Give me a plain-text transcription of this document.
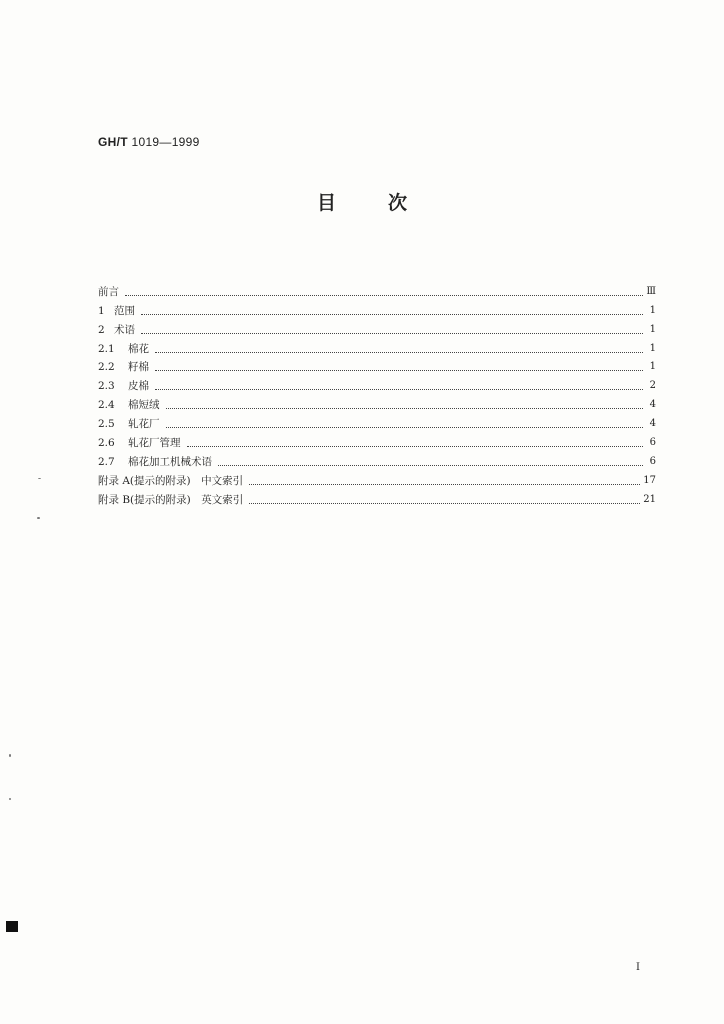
GH/T 1019—1999
目	次
前言	Ⅲ
1 范围	1
2 术语	1
2.1	棉花	1
2.2	籽棉	1
2.3	皮棉	2
2.4	棉短绒	4
2.5	轧花厂	4
2.6	轧花厂管理	6
2.7	棉花加工机械术语	6
附录 A(提示的附录)　中文索引	17
附录 B(提示的附录)　英文索引	21
I
